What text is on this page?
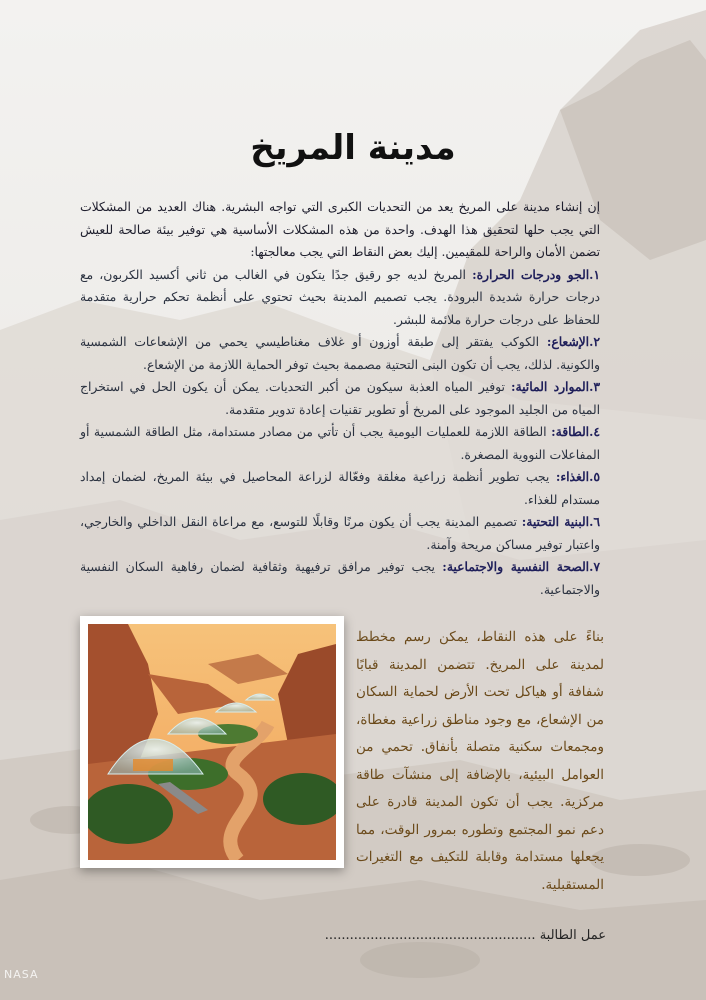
مدينة المريخ

إن إنشاء مدينة على المريخ يعد من التحديات الكبرى التي تواجه البشرية. هناك العديد من المشكلات التي يجب حلها لتحقيق هذا الهدف. واحدة من هذه المشكلات الأساسية هي توفير بيئة صالحة للعيش تضمن الأمان والراحة للمقيمين. إليك بعض النقاط التي يجب معالجتها:

١.الجو ودرجات الحرارة: المريخ لديه جو رقيق جدًا يتكون في الغالب من ثاني أكسيد الكربون، مع درجات حرارة شديدة البرودة. يجب تصميم المدينة بحيث تحتوي على أنظمة تحكم حرارية متقدمة للحفاظ على درجات حرارة ملائمة للبشر.

٢.الإشعاع: الكوكب يفتقر إلى طبقة أوزون أو غلاف مغناطيسي يحمي من الإشعاعات الشمسية والكونية. لذلك، يجب أن تكون البنى التحتية مصممة بحيث توفر الحماية اللازمة من الإشعاع.

٣.الموارد المائية: توفير المياه العذبة سيكون من أكبر التحديات. يمكن أن يكون الحل في استخراج المياه من الجليد الموجود على المريخ أو تطوير تقنيات إعادة تدوير متقدمة.

٤.الطاقة: الطاقة اللازمة للعمليات اليومية يجب أن تأتي من مصادر مستدامة، مثل الطاقة الشمسية أو المفاعلات النووية المصغرة.

٥.الغذاء: يجب تطوير أنظمة زراعية مغلقة وفعّالة لزراعة المحاصيل في بيئة المريخ، لضمان إمداد مستدام للغذاء.

٦.البنية التحتية: تصميم المدينة يجب أن يكون مرنًا وقابلًا للتوسع، مع مراعاة النقل الداخلي والخارجي، واعتبار توفير مساكن مريحة وآمنة.

٧.الصحة النفسية والاجتماعية: يجب توفير مرافق ترفيهية وثقافية لضمان رفاهية السكان النفسية والاجتماعية.

بناءً على هذه النقاط، يمكن رسم مخطط لمدينة على المريخ. تتضمن المدينة قبابًا شفافة أو هياكل تحت الأرض لحماية السكان من الإشعاع، مع وجود مناطق زراعية مغطاة، ومجمعات سكنية متصلة بأنفاق. تحمي من العوامل البيئية، بالإضافة إلى منشآت طاقة مركزية. يجب أن تكون المدينة قادرة على دعم نمو المجتمع وتطوره بمرور الوقت، مما يجعلها مستدامة وقابلة للتكيف مع التغيرات المستقبلية.
عمل الطالبة ...................................................
NASA
